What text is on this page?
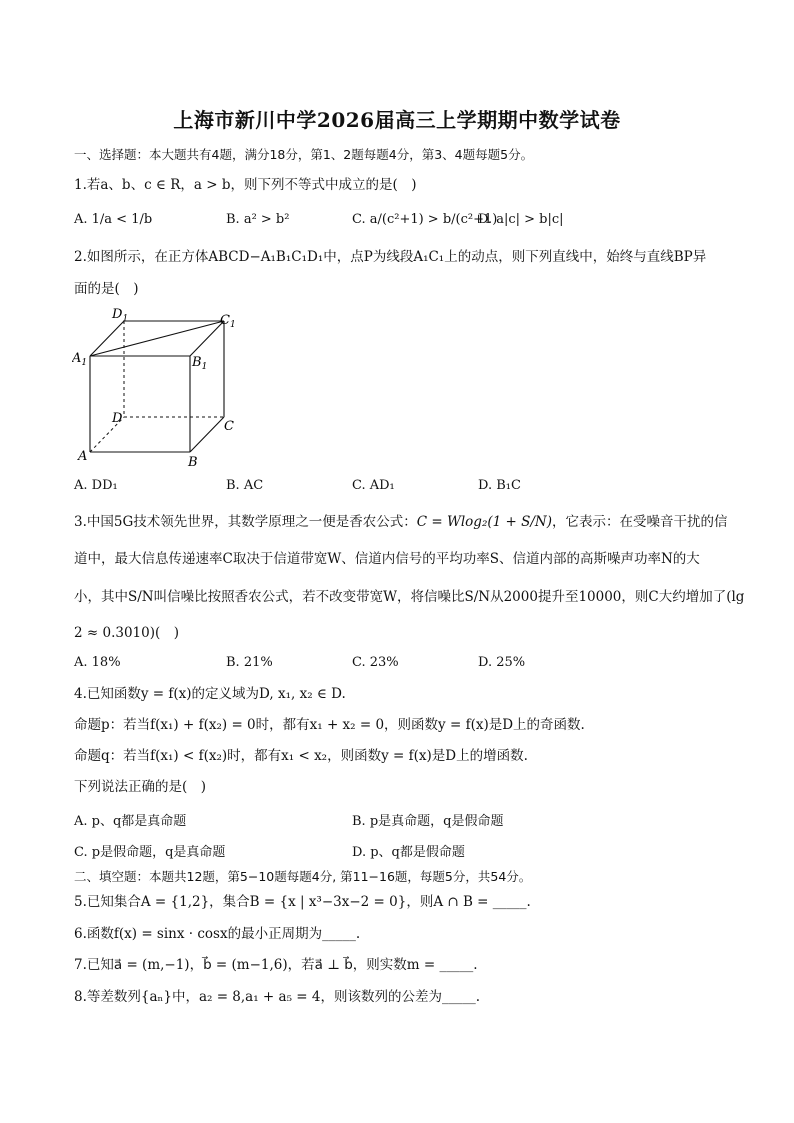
上海市新川中学2026届高三上学期期中数学试卷
一、选择题：本大题共有4题，满分18分，第1、2题每题4分，第3、4题每题5分。
1.若a、b、c ∈ R，a > b，则下列不等式中成立的是(　)
A. 1/a < 1/b	B. a² > b²	C. a/(c²+1) > b/(c²+1)
D. a|c| > b|c|
2.如图所示，在正方体ABCD−A₁B₁C₁D₁中，点P为线段A₁C₁上的动点，则下列直线中，始终与直线BP异
面的是(　)
$D_1$	$C_1$
$A_1$	$B_1$
D
C
A	B
A. DD₁	B. AC	C. AD₁	D. B₁C
3.中国5G技术领先世界，其数学原理之一便是香农公式：C = Wlog₂(1 + S/N)，它表示：在受噪音干扰的信
道中，最大信息传递速率C取决于信道带宽W、信道内信号的平均功率S、信道内部的高斯噪声功率N的大
小，其中S/N叫信噪比按照香农公式，若不改变带宽W，将信噪比S/N从2000提升至10000，则C大约增加了(lg
2 ≈ 0.3010)(　)
A. 18%	B. 21%	C. 23%	D. 25%
4.已知函数y = f(x)的定义域为D, x₁, x₂ ∈ D.
命题p：若当f(x₁) + f(x₂) = 0时，都有x₁ + x₂ = 0，则函数y = f(x)是D上的奇函数.
命题q：若当f(x₁) < f(x₂)时，都有x₁ < x₂，则函数y = f(x)是D上的增函数.
下列说法正确的是(　)
A. p、q都是真命题	B. p是真命题，q是假命题
C. p是假命题，q是真命题	D. p、q都是假命题
二、填空题：本题共12题，第5−10题每题4分, 第11−16题，每题5分，共54分。
5.已知集合A = {1,2}，集合B = {x | x³−3x−2 = 0}，则A ∩ B = _____.
6.函数f(x) = sinx · cosx的最小正周期为_____.
7.已知a⃗ = (m,−1)，b⃗ = (m−1,6)，若a⃗ ⊥ b⃗，则实数m = _____.
8.等差数列{aₙ}中，a₂ = 8,a₁ + a₅ = 4，则该数列的公差为_____.
